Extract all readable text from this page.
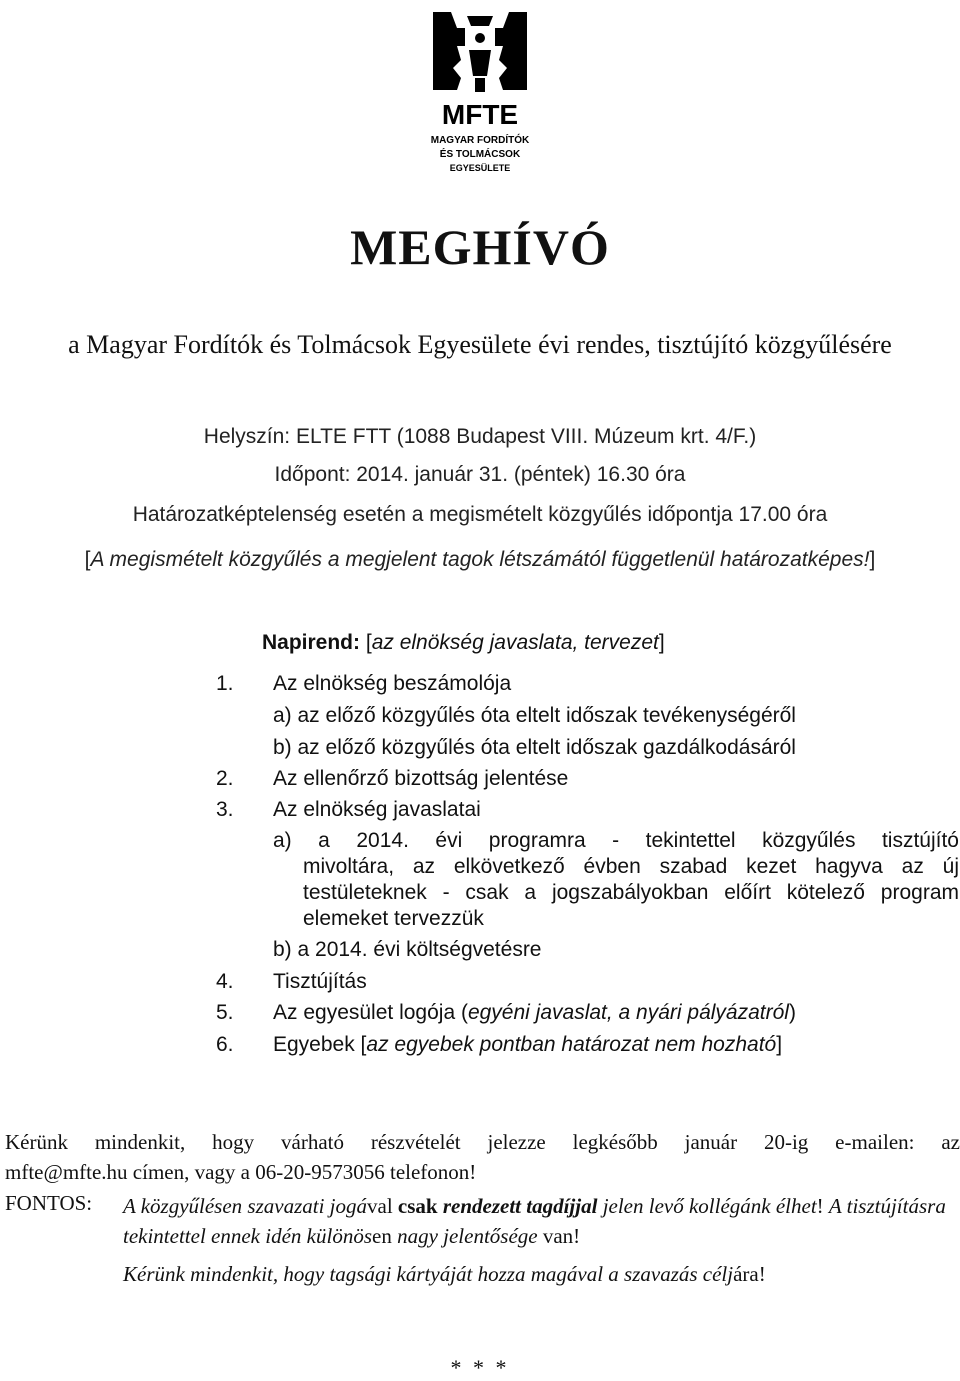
MFTE
MAGYAR FORDÍTÓK
ÉS TOLMÁCSOK
EGYESÜLETE
MEGHÍVÓ
a Magyar Fordítók és Tolmácsok Egyesülete évi rendes, tisztújító közgyűlésére
Helyszín: ELTE FTT (1088 Budapest VIII. Múzeum krt. 4/F.)
Időpont: 2014. január 31. (péntek) 16.30 óra
Határozatképtelenség esetén a megismételt közgyűlés időpontja 17.00 óra
[A megismételt közgyűlés a megjelent tagok létszámától függetlenül határozatképes!]
Napirend: [az elnökség javaslata, tervezet]
1. Az elnökség beszámolója
a) az előző közgyűlés óta eltelt időszak tevékenységéről
b) az előző közgyűlés óta eltelt időszak gazdálkodásáról
2. Az ellenőrző bizottság jelentése
3. Az elnökség javaslatai
a) a 2014. évi programra - tekintettel közgyűlés tisztújító
mivoltára, az elkövetkező évben szabad kezet hagyva az új testületeknek - csak a jogszabályokban előírt kötelező program elemeket tervezzük
b) a 2014. évi költségvetésre
4. Tisztújítás
5. Az egyesület logója (egyéni javaslat, a nyári pályázatról)
6. Egyebek [az egyebek pontban határozat nem hozható]
Kérünk mindenkit, hogy várható részvételét jelezze legkésőbb január 20-ig e-mailen: az
mfte@mfte.hu címen, vagy a 06-20-9573056 telefonon!
FONTOS: A közgyűlésen szavazati jogával csak rendezett tagdíjjal jelen levő kollégánk élhet! A tisztújításra tekintettel ennek idén különösen nagy jelentősége van!
Kérünk mindenkit, hogy tagsági kártyáját hozza magával a szavazás céljára!
* * *
